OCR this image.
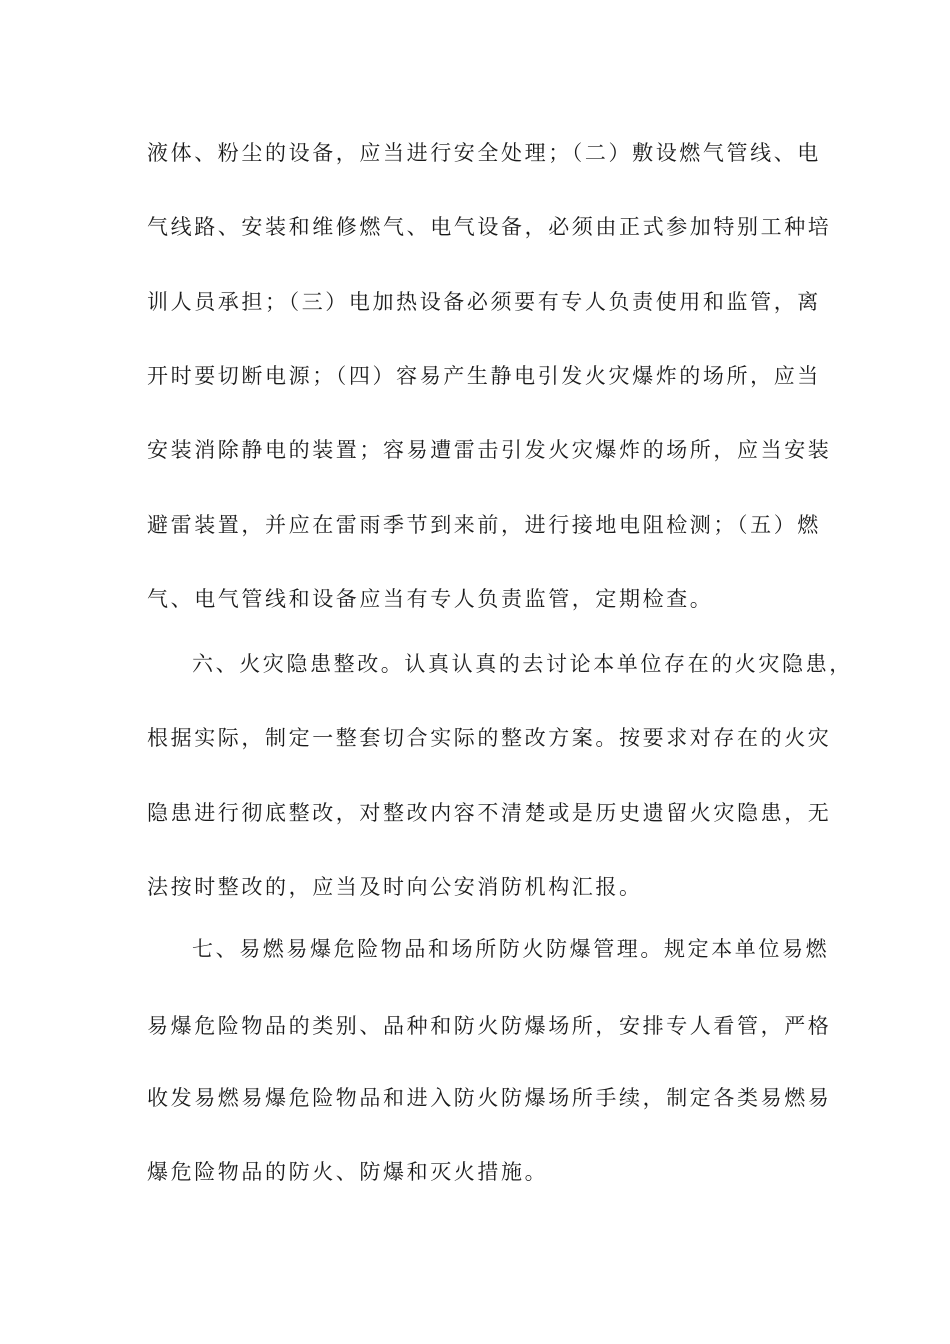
液体、粉尘的设备，应当进行安全处理；（二）敷设燃气管线、电
气线路、安装和维修燃气、电气设备，必须由正式参加特别工种培
训人员承担；（三）电加热设备必须要有专人负责使用和监管，离
开时要切断电源；（四）容易产生静电引发火灾爆炸的场所，应当
安装消除静电的装置；容易遭雷击引发火灾爆炸的场所，应当安装
避雷装置，并应在雷雨季节到来前，进行接地电阻检测；（五）燃
气、电气管线和设备应当有专人负责监管，定期检查。
六、火灾隐患整改。认真认真的去讨论本单位存在的火灾隐患，
根据实际，制定一整套切合实际的整改方案。按要求对存在的火灾
隐患进行彻底整改，对整改内容不清楚或是历史遗留火灾隐患，无
法按时整改的，应当及时向公安消防机构汇报。
七、易燃易爆危险物品和场所防火防爆管理。规定本单位易燃
易爆危险物品的类别、品种和防火防爆场所，安排专人看管，严格
收发易燃易爆危险物品和进入防火防爆场所手续，制定各类易燃易
爆危险物品的防火、防爆和灭火措施。
